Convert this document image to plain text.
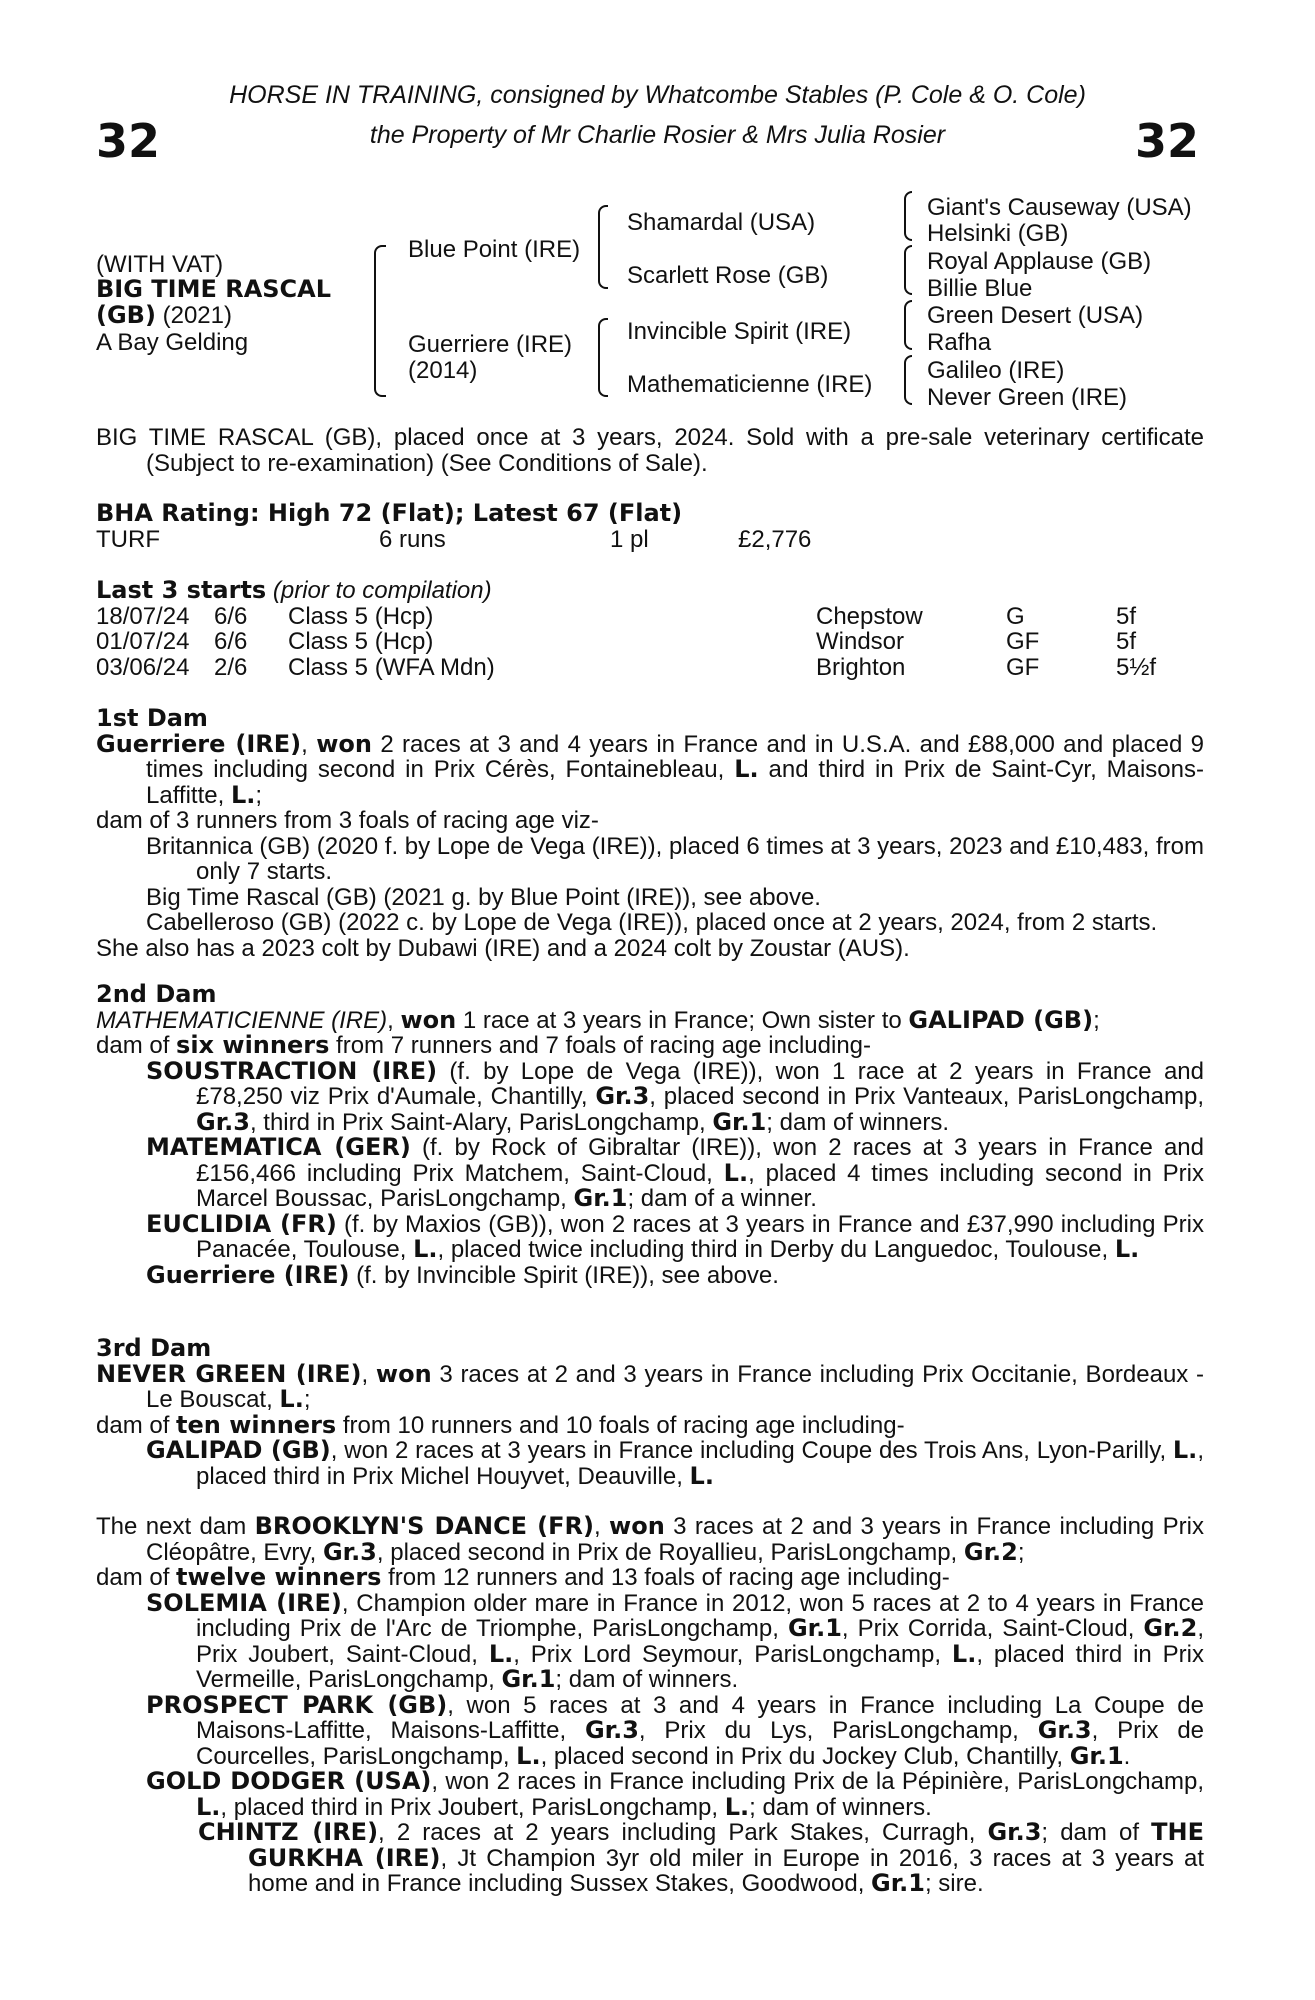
32	32
HORSE IN TRAINING, consigned by Whatcombe Stables (P. Cole & O. Cole)
the Property of Mr Charlie Rosier & Mrs Julia Rosier
(WITH VAT)
BIG TIME RASCAL
(GB) (2021)
A Bay Gelding
Blue Point (IRE)
Guerriere (IRE)
(2014)
Shamardal (USA)
Scarlett Rose (GB)
Invincible Spirit (IRE)
Mathematicienne (IRE)
Giant's Causeway (USA)
Helsinki (GB)
Royal Applause (GB)
Billie Blue
Green Desert (USA)
Rafha
Galileo (IRE)
Never Green (IRE)

BIG TIME RASCAL (GB), placed once at 3 years, 2024. Sold with a pre-sale veterinary certificate (Subject to re-examination) (See Conditions of Sale).

BHA Rating: High 72 (Flat); Latest 67 (Flat)

TURF	6 runs	1 pl	£2,776

Last 3 starts (prior to compilation)

18/07/24 6/6 Class 5 (Hcp)	Chepstow	G	5f
01/07/24 6/6 Class 5 (Hcp)	Windsor	GF	5f
03/06/24 2/6 Class 5 (WFA Mdn)	Brighton	GF	5½f

1st Dam

Guerriere (IRE), won 2 races at 3 and 4 years in France and in U.S.A. and £88,000 and placed 9 times including second in Prix Cérès, Fontainebleau, L. and third in Prix de Saint-Cyr, Maisons-Laffitte, L.;

dam of 3 runners from 3 foals of racing age viz-

Britannica (GB) (2020 f. by Lope de Vega (IRE)), placed 6 times at 3 years, 2023 and £10,483, from only 7 starts.

Big Time Rascal (GB) (2021 g. by Blue Point (IRE)), see above.

Cabelleroso (GB) (2022 c. by Lope de Vega (IRE)), placed once at 2 years, 2024, from 2 starts.

She also has a 2023 colt by Dubawi (IRE) and a 2024 colt by Zoustar (AUS).

2nd Dam

MATHEMATICIENNE (IRE), won 1 race at 3 years in France; Own sister to GALIPAD (GB);

dam of six winners from 7 runners and 7 foals of racing age including-

SOUSTRACTION (IRE) (f. by Lope de Vega (IRE)), won 1 race at 2 years in France and £78,250 viz Prix d'Aumale, Chantilly, Gr.3, placed second in Prix Vanteaux, ParisLongchamp, Gr.3, third in Prix Saint-Alary, ParisLongchamp, Gr.1; dam of winners.

MATEMATICA (GER) (f. by Rock of Gibraltar (IRE)), won 2 races at 3 years in France and £156,466 including Prix Matchem, Saint-Cloud, L., placed 4 times including second in Prix Marcel Boussac, ParisLongchamp, Gr.1; dam of a winner.

EUCLIDIA (FR) (f. by Maxios (GB)), won 2 races at 3 years in France and £37,990 including Prix Panacée, Toulouse, L., placed twice including third in Derby du Languedoc, Toulouse, L.

Guerriere (IRE) (f. by Invincible Spirit (IRE)), see above.

3rd Dam

NEVER GREEN (IRE), won 3 races at 2 and 3 years in France including Prix Occitanie, Bordeaux - Le Bouscat, L.;

dam of ten winners from 10 runners and 10 foals of racing age including-

GALIPAD (GB), won 2 races at 3 years in France including Coupe des Trois Ans, Lyon-Parilly, L., placed third in Prix Michel Houyvet, Deauville, L.

The next dam BROOKLYN'S DANCE (FR), won 3 races at 2 and 3 years in France including Prix Cléopâtre, Evry, Gr.3, placed second in Prix de Royallieu, ParisLongchamp, Gr.2;

dam of twelve winners from 12 runners and 13 foals of racing age including-

SOLEMIA (IRE), Champion older mare in France in 2012, won 5 races at 2 to 4 years in France including Prix de l'Arc de Triomphe, ParisLongchamp, Gr.1, Prix Corrida, Saint-Cloud, Gr.2, Prix Joubert, Saint-Cloud, L., Prix Lord Seymour, ParisLongchamp, L., placed third in Prix Vermeille, ParisLongchamp, Gr.1; dam of winners.

PROSPECT PARK (GB), won 5 races at 3 and 4 years in France including La Coupe de Maisons-Laffitte, Maisons-Laffitte, Gr.3, Prix du Lys, ParisLongchamp, Gr.3, Prix de Courcelles, ParisLongchamp, L., placed second in Prix du Jockey Club, Chantilly, Gr.1.

GOLD DODGER (USA), won 2 races in France including Prix de la Pépinière, ParisLongchamp, L., placed third in Prix Joubert, ParisLongchamp, L.; dam of winners.

CHINTZ (IRE), 2 races at 2 years including Park Stakes, Curragh, Gr.3; dam of THE GURKHA (IRE), Jt Champion 3yr old miler in Europe in 2016, 3 races at 3 years at home and in France including Sussex Stakes, Goodwood, Gr.1; sire.
